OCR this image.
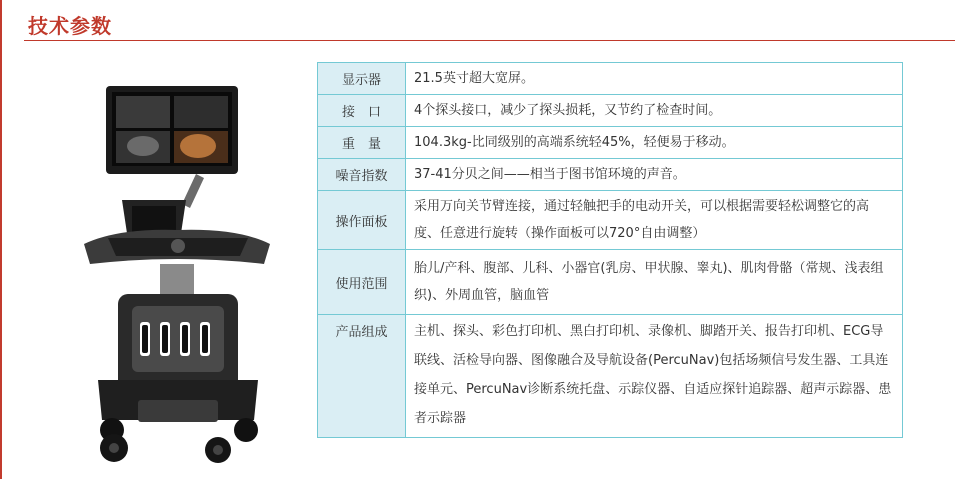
技术参数
显示器	21.5英寸超大宽屏。
接　口	4个探头接口，减少了探头损耗，又节约了检查时间。
重　量	104.3kg-比同级别的高端系统轻45%，轻便易于移动。
噪音指数	37-41分贝之间——相当于图书馆环境的声音。
操作面板	采用万向关节臂连接，通过轻触把手的电动开关，可以根据需要轻松调整它的高度、任意进行旋转（操作面板可以720°自由调整）
使用范围	胎儿/产科、腹部、儿科、小器官(乳房、甲状腺、睾丸)、肌肉骨骼（常规、浅表组织)、外周血管，脑血管
产品组成	主机、探头、彩色打印机、黑白打印机、录像机、脚踏开关、报告打印机、ECG导联线、活检导向器、图像融合及导航设备(PercuNav)包括场频信号发生器、工具连接单元、PercuNav诊断系统托盘、示踪仪器、自适应探针追踪器、超声示踪器、患者示踪器
